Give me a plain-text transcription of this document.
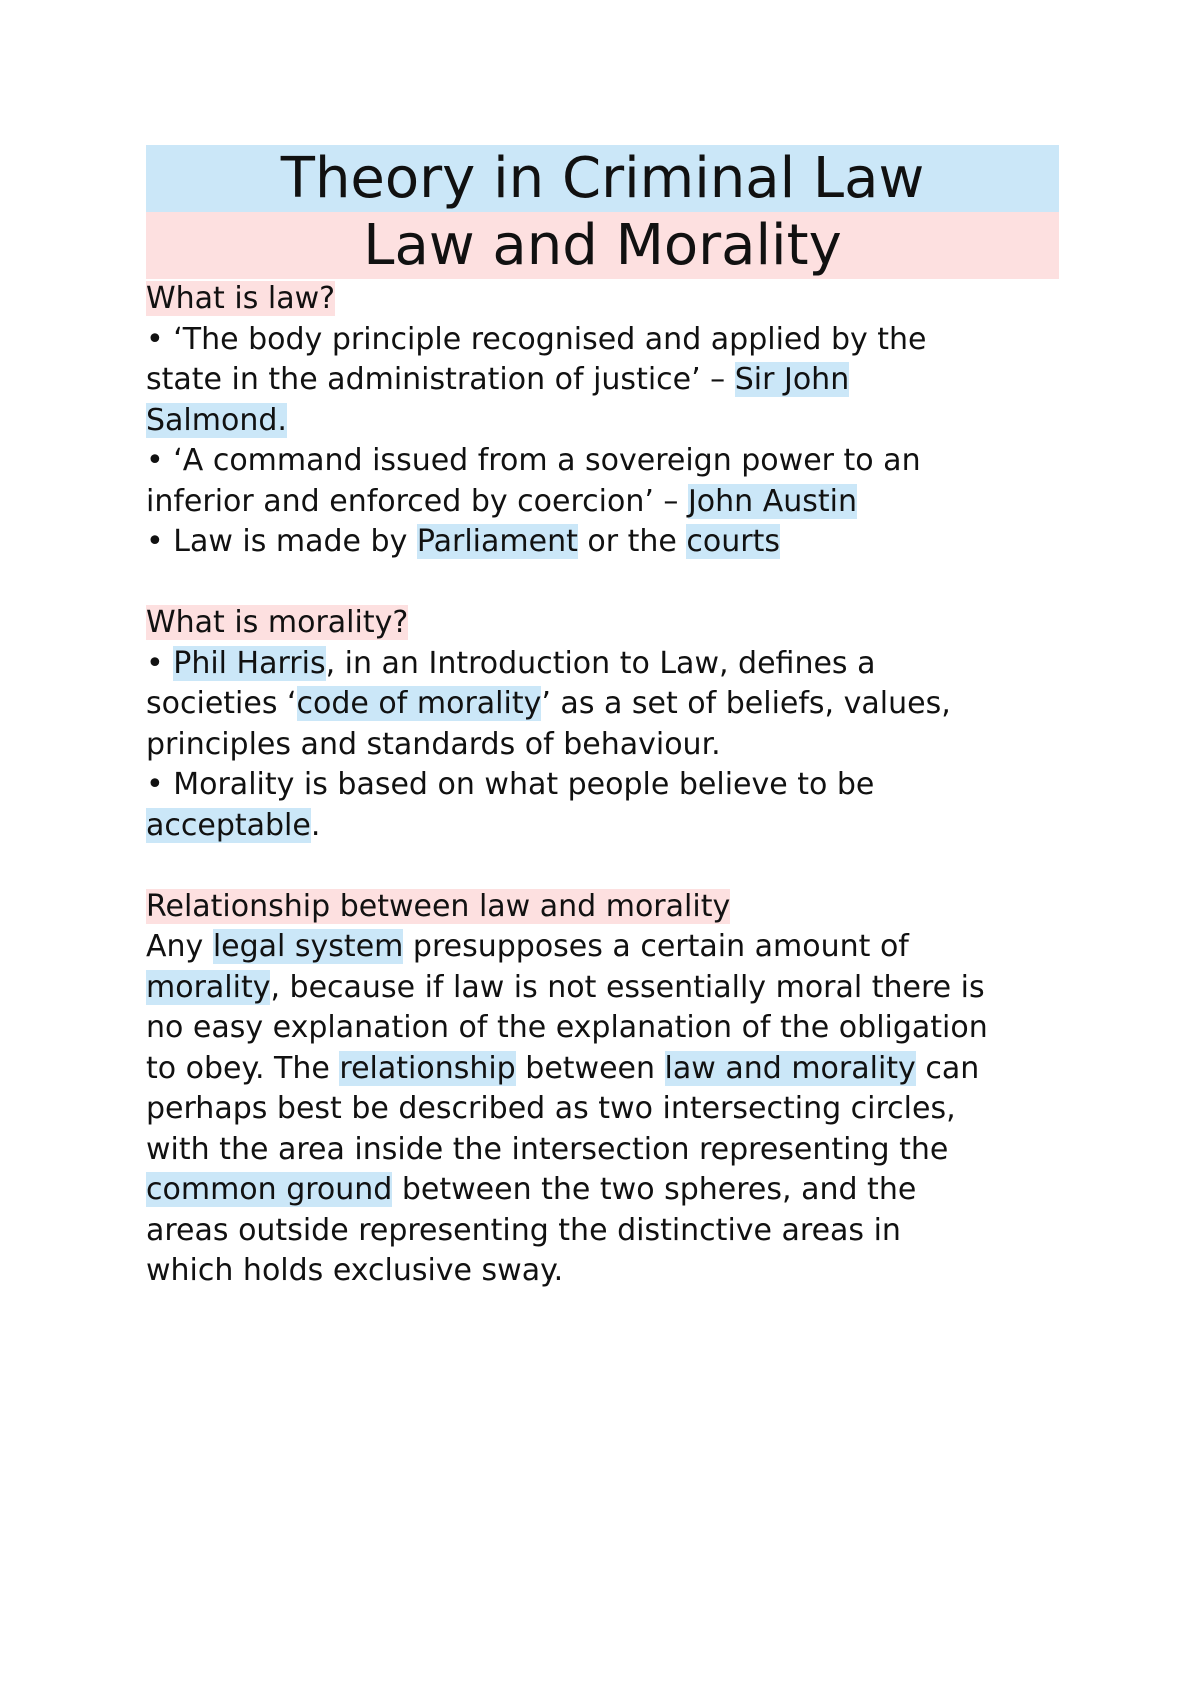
Theory in Criminal Law
Law and Morality
What is law?
• ‘The body principle recognised and applied by the
state in the administration of justice’ – Sir John
Salmond.
• ‘A command issued from a sovereign power to an
inferior and enforced by coercion’ – John Austin
• Law is made by Parliament or the courts
What is morality?
• Phil Harris, in an Introduction to Law, defines a
societies ‘code of morality’ as a set of beliefs, values,
principles and standards of behaviour.
• Morality is based on what people believe to be
acceptable.
Relationship between law and morality
Any legal system presupposes a certain amount of
morality, because if law is not essentially moral there is
no easy explanation of the explanation of the obligation
to obey. The relationship between law and morality can
perhaps best be described as two intersecting circles,
with the area inside the intersection representing the
common ground between the two spheres, and the
areas outside representing the distinctive areas in
which holds exclusive sway.
